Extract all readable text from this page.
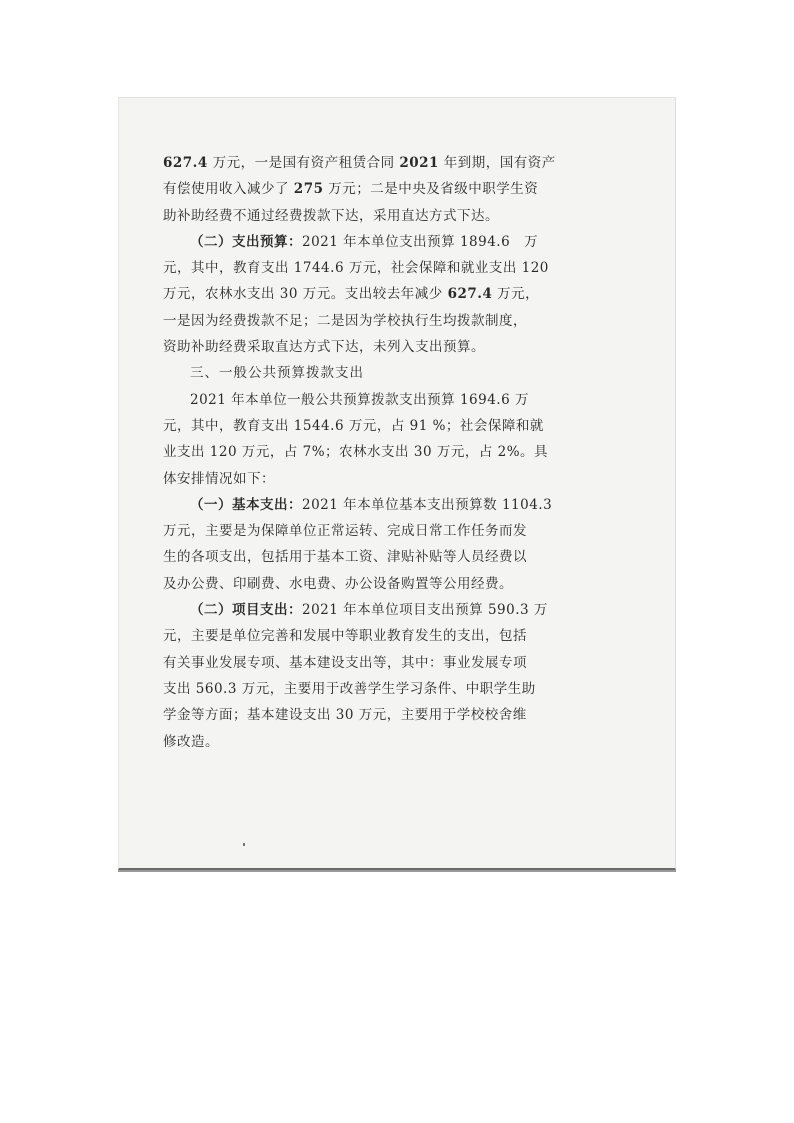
627.4 万元，一是国有资产租赁合同 2021 年到期，国有资产
有偿使用收入减少了 275 万元；二是中央及省级中职学生资
助补助经费不通过经费拨款下达，采用直达方式下达。
（二）支出预算：2021 年本单位支出预算 1894.6　万
元，其中，教育支出 1744.6 万元，社会保障和就业支出 120
万元，农林水支出 30 万元。支出较去年减少 627.4 万元，
一是因为经费拨款不足；二是因为学校执行生均拨款制度，
资助补助经费采取直达方式下达，未列入支出预算。
三、一般公共预算拨款支出
2021 年本单位一般公共预算拨款支出预算 1694.6 万
元，其中，教育支出 1544.6 万元，占 91 %；社会保障和就
业支出 120 万元，占 7%；农林水支出 30 万元，占 2%。具
体安排情况如下：
（一）基本支出：2021 年本单位基本支出预算数 1104.3
万元，主要是为保障单位正常运转、完成日常工作任务而发
生的各项支出，包括用于基本工资、津贴补贴等人员经费以
及办公费、印刷费、水电费、办公设备购置等公用经费。
（二）项目支出：2021 年本单位项目支出预算 590.3 万
元，主要是单位完善和发展中等职业教育发生的支出，包括
有关事业发展专项、基本建设支出等，其中：事业发展专项
支出 560.3 万元，主要用于改善学生学习条件、中职学生助
学金等方面；基本建设支出 30 万元，主要用于学校校舍维
修改造。
